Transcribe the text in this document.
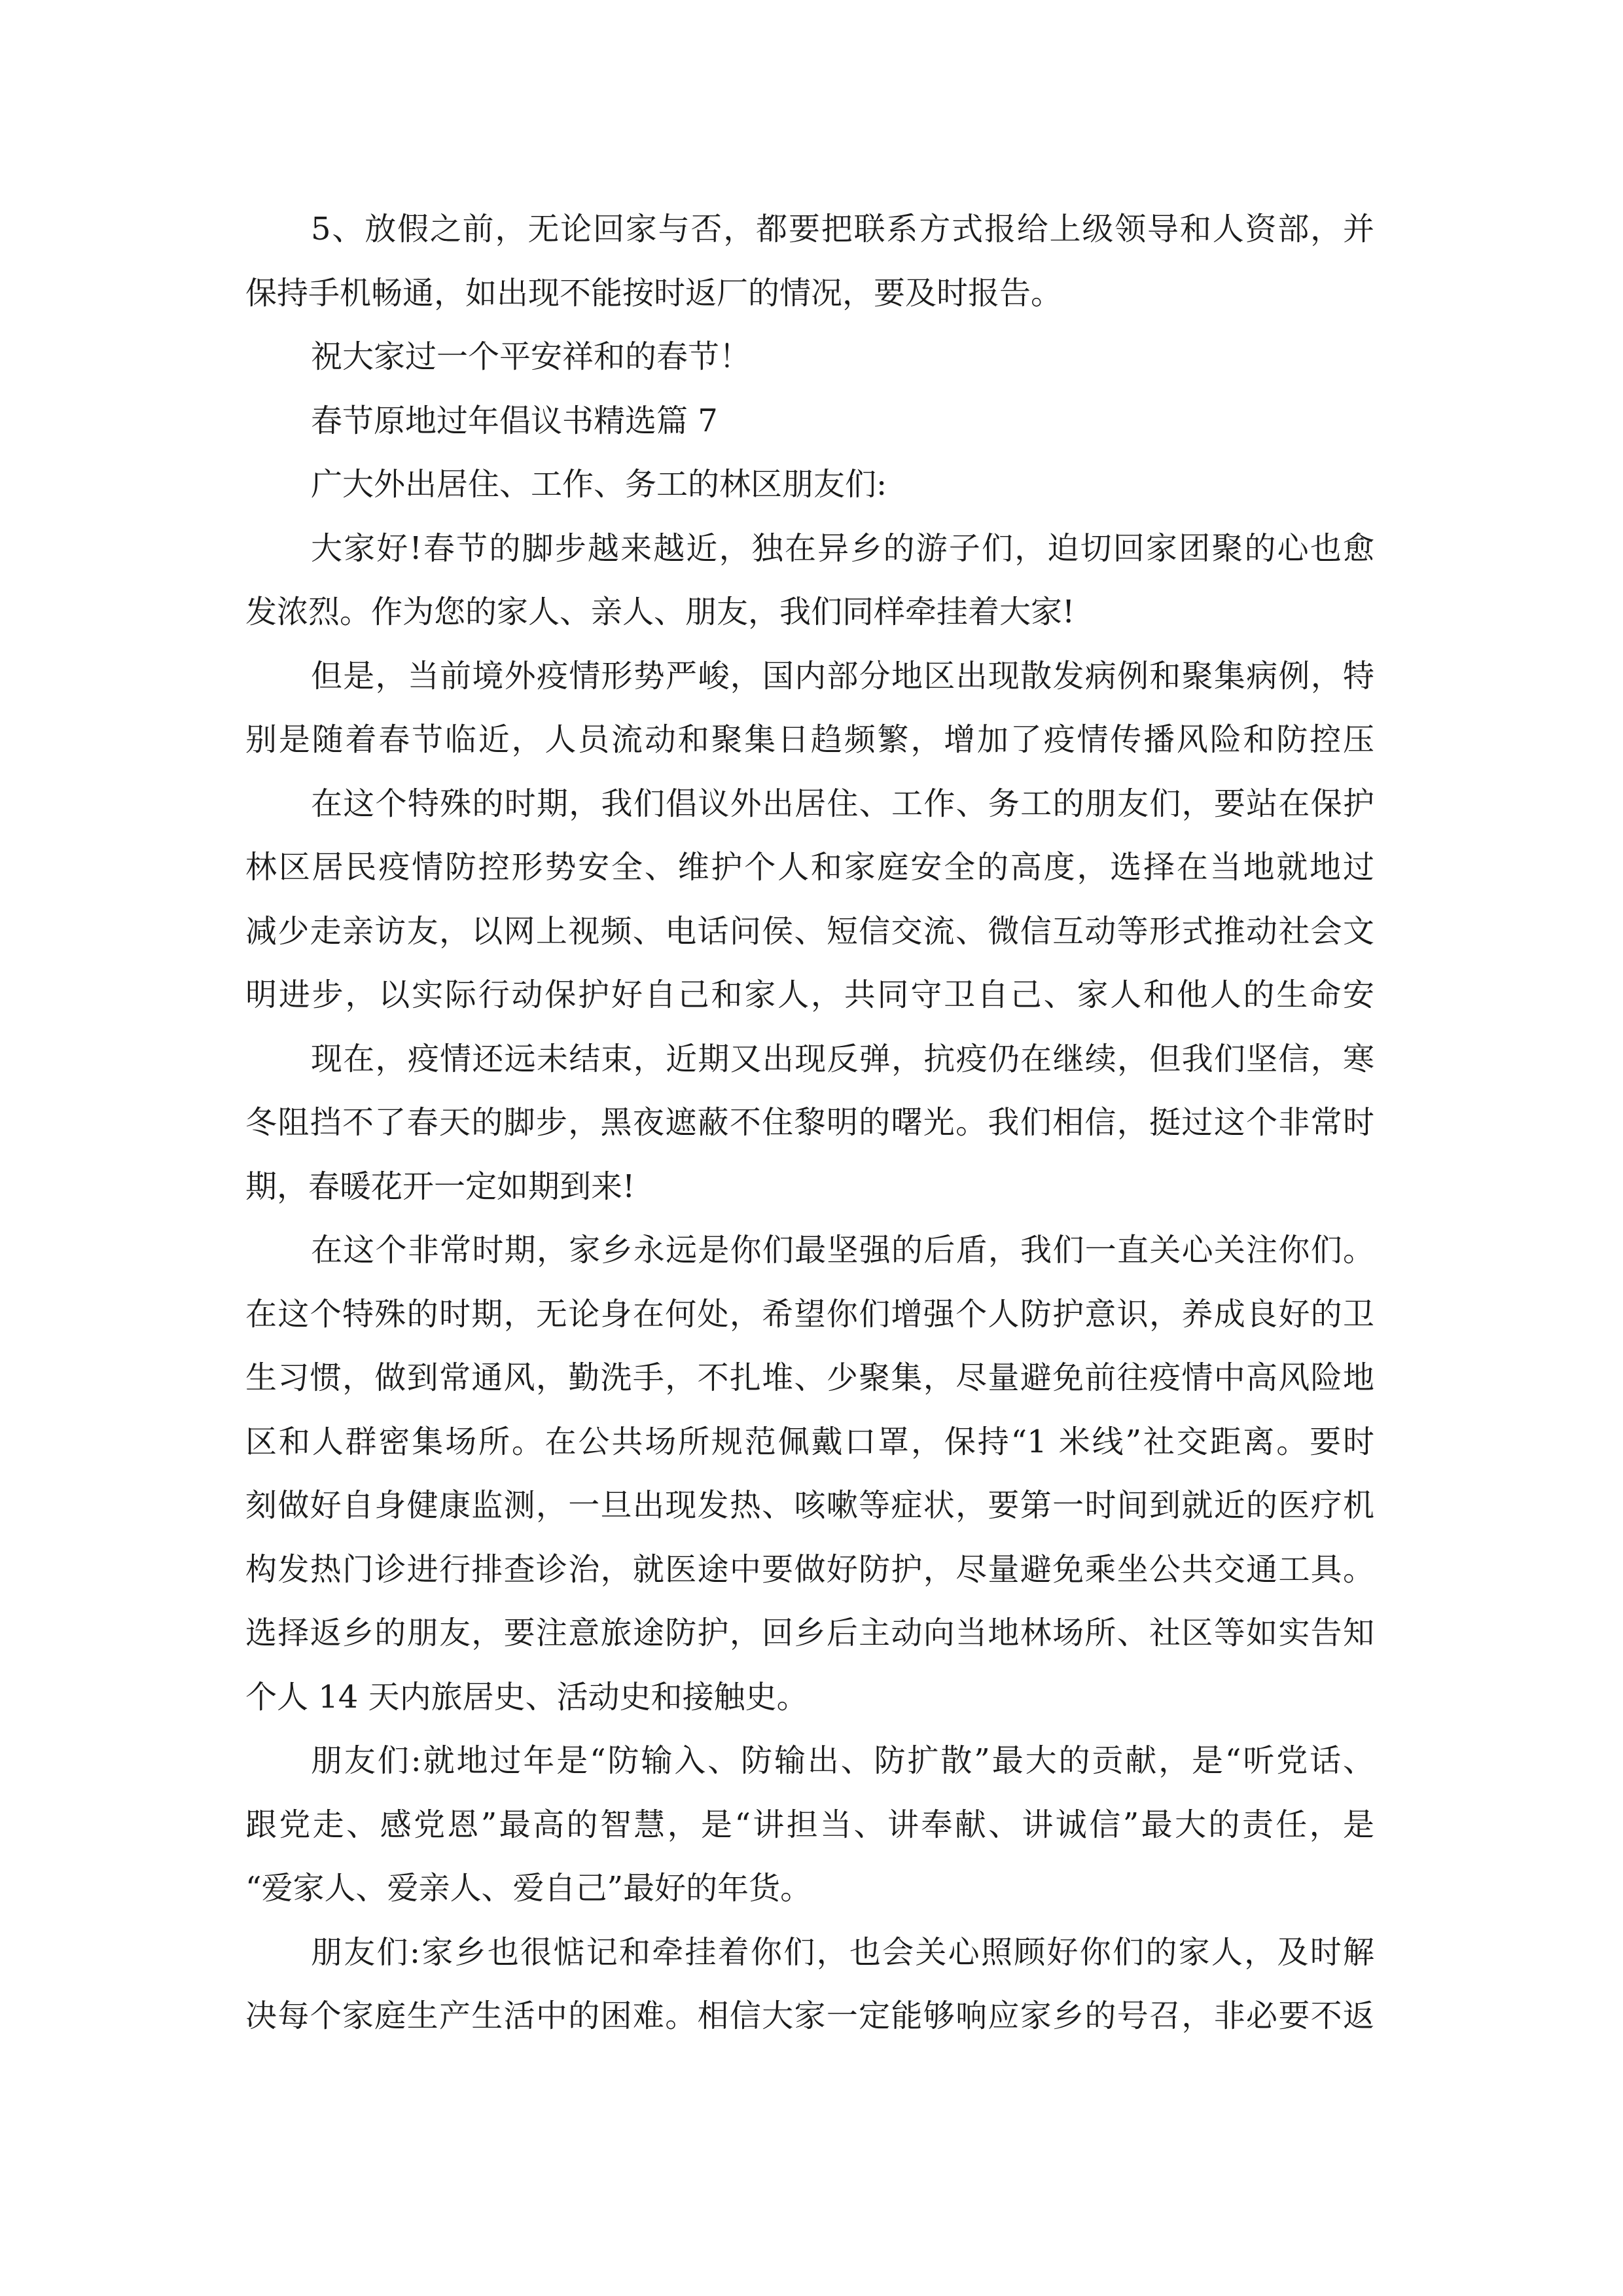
5、放假之前，无论回家与否，都要把联系方式报给上级领导和人资部，并
保持手机畅通，如出现不能按时返厂的情况，要及时报告。
祝大家过一个平安祥和的春节！
春节原地过年倡议书精选篇 7
广大外出居住、工作、务工的林区朋友们:
大家好!春节的脚步越来越近，独在异乡的游子们，迫切回家团聚的心也愈
发浓烈。作为您的家人、亲人、朋友，我们同样牵挂着大家!
但是，当前境外疫情形势严峻，国内部分地区出现散发病例和聚集病例，特
别是随着春节临近，人员流动和聚集日趋频繁，增加了疫情传播风险和防控压
在这个特殊的时期，我们倡议外出居住、工作、务工的朋友们，要站在保护
林区居民疫情防控形势安全、维护个人和家庭安全的高度，选择在当地就地过
减少走亲访友，以网上视频、电话问侯、短信交流、微信互动等形式推动社会文
明进步，以实际行动保护好自己和家人，共同守卫自己、家人和他人的生命安
现在，疫情还远未结束，近期又出现反弹，抗疫仍在继续，但我们坚信，寒
冬阻挡不了春天的脚步，黑夜遮蔽不住黎明的曙光。我们相信，挺过这个非常时
期，春暖花开一定如期到来!
在这个非常时期，家乡永远是你们最坚强的后盾，我们一直关心关注你们。
在这个特殊的时期，无论身在何处，希望你们增强个人防护意识，养成良好的卫
生习惯，做到常通风，勤洗手，不扎堆、少聚集，尽量避免前往疫情中高风险地
区和人群密集场所。在公共场所规范佩戴口罩，保持“1 米线”社交距离。要时
刻做好自身健康监测，一旦出现发热、咳嗽等症状，要第一时间到就近的医疗机
构发热门诊进行排查诊治，就医途中要做好防护，尽量避免乘坐公共交通工具。
选择返乡的朋友，要注意旅途防护，回乡后主动向当地林场所、社区等如实告知
个人 14 天内旅居史、活动史和接触史。
朋友们:就地过年是“防输入、防输出、防扩散”最大的贡献，是“听党话、
跟党走、感党恩”最高的智慧，是“讲担当、讲奉献、讲诚信”最大的责任，是
“爱家人、爱亲人、爱自己”最好的年货。
朋友们:家乡也很惦记和牵挂着你们，也会关心照顾好你们的家人，及时解
决每个家庭生产生活中的困难。相信大家一定能够响应家乡的号召，非必要不返
